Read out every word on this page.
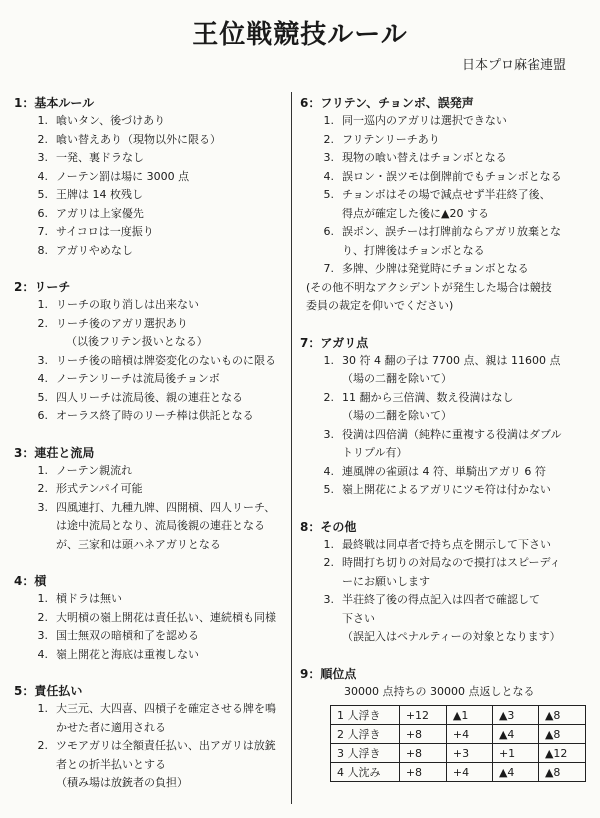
王位戦競技ルール
日本プロ麻雀連盟
1：基本ルール
1. 喰いタン、後づけあり
2. 喰い替えあり（現物以外に限る）
3. 一発、裏ドラなし
4. ノーテン罰は場に 3000 点
5. 王牌は 14 枚残し
6. アガリは上家優先
7. サイコロは一度振り
8. アガリやめなし
2：リーチ
1. リーチの取り消しは出来ない
2. リーチ後のアガリ選択あり
（以後フリテン扱いとなる）
3. リーチ後の暗槓は牌姿変化のないものに限る
4. ノーテンリーチは流局後チョンボ
5. 四人リーチは流局後、親の連荘となる
6. オーラス終了時のリーチ棒は供託となる
3：連荘と流局
1. ノーテン親流れ
2. 形式テンパイ可能
3. 四風連打、九種九牌、四開槓、四人リーチ、
は途中流局となり、流局後親の連荘となる
が、三家和は頭ハネアガリとなる
4：槓
1. 槓ドラは無い
2. 大明槓の嶺上開花は責任払い、連続槓も同様
3. 国士無双の暗槓和了を認める
4. 嶺上開花と海底は重複しない
5：責任払い
1. 大三元、大四喜、四槓子を確定させる牌を鳴
かせた者に適用される
2. ツモアガリは全額責任払い、出アガリは放銃
者との折半払いとする
（積み場は放銃者の負担）
6：フリテン、チョンボ、誤発声
1. 同一巡内のアガリは選択できない
2. フリテンリーチあり
3. 現物の喰い替えはチョンボとなる
4. 誤ロン・誤ツモは倒牌前でもチョンボとなる
5. チョンボはその場で減点せず半荘終了後、
得点が確定した後に▲20 する
6. 誤ポン、誤チーは打牌前ならアガリ放棄とな
り、打牌後はチョンボとなる
7. 多牌、少牌は発覚時にチョンボとなる
(その他不明なアクシデントが発生した場合は競技
委員の裁定を仰いでください)
7：アガリ点
1. 30 符 4 翻の子は 7700 点、親は 11600 点
（場の二翻を除いて）
2. 11 翻から三倍満、数え役満はなし
（場の二翻を除いて）
3. 役満は四倍満（純粋に重複する役満はダブル
トリプル有）
4. 連風牌の雀頭は 4 符、単騎出アガリ 6 符
5. 嶺上開花によるアガリにツモ符は付かない
8：その他
1. 最終戦は同卓者で持ち点を開示して下さい
2. 時間打ち切りの対局なので摸打はスピーディ
ーにお願いします
3. 半荘終了後の得点記入は四者で確認して
下さい
（誤記入はペナルティーの対象となります）
9：順位点
30000 点持ちの 30000 点返しとなる
1 人浮き	+12	▲1	▲3	▲8
2 人浮き	+8	+4	▲4	▲8
3 人浮き	+8	+3	+1	▲12
4 人沈み	+8	+4	▲4	▲8
